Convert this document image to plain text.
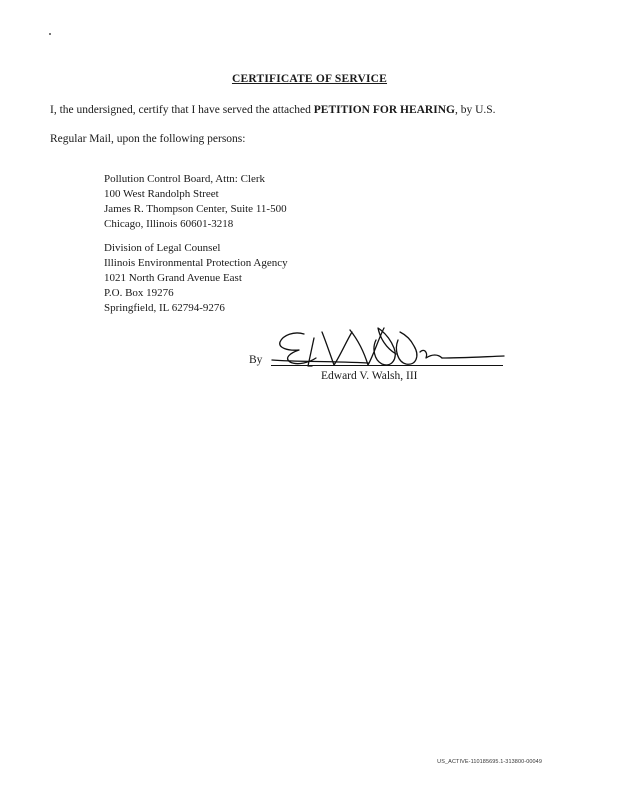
CERTIFICATE OF SERVICE
I, the undersigned, certify that I have served the attached PETITION FOR HEARING, by U.S.
Regular Mail, upon the following persons:
Pollution Control Board, Attn: Clerk
100 West Randolph Street
James R. Thompson Center, Suite 11-500
Chicago, Illinois 60601-3218
Division of Legal Counsel
Illinois Environmental Protection Agency
1021 North Grand Avenue East
P.O. Box 19276
Springfield, IL 62794-9276
By
Edward V. Walsh, III
US_ACTIVE-110185695.1-313800-00049
